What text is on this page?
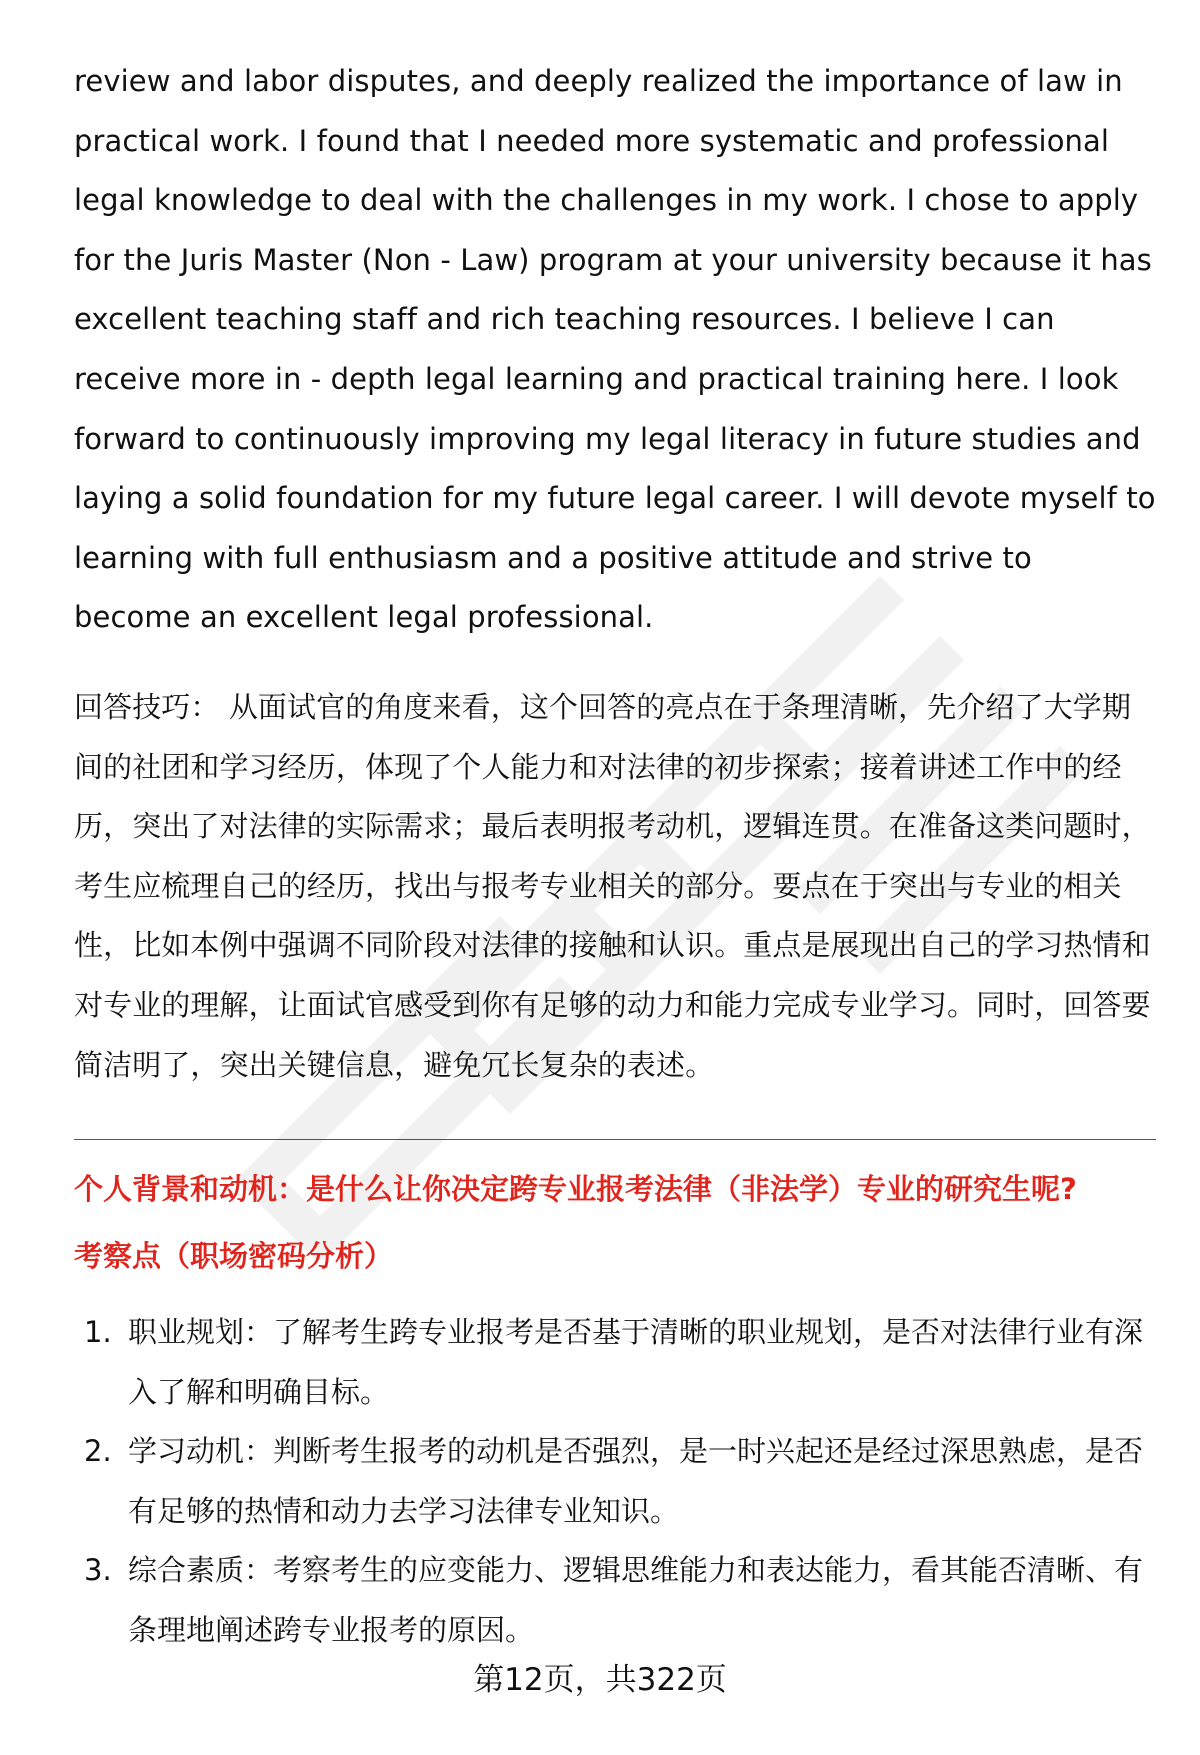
review and labor disputes, and deeply realized the importance of law in practical work. I found that I needed more systematic and professional legal knowledge to deal with the challenges in my work. I chose to apply for the Juris Master (Non - Law) program at your university because it has excellent teaching staff and rich teaching resources. I believe I can receive more in - depth legal learning and practical training here. I look forward to continuously improving my legal literacy in future studies and laying a solid foundation for my future legal career. I will devote myself to learning with full enthusiasm and a positive attitude and strive to become an excellent legal professional.

回答技巧： 从面试官的角度来看，这个回答的亮点在于条理清晰，先介绍了大学期间的社团和学习经历，体现了个人能力和对法律的初步探索；接着讲述工作中的经历，突出了对法律的实际需求；最后表明报考动机，逻辑连贯。在准备这类问题时，考生应梳理自己的经历，找出与报考专业相关的部分。要点在于突出与专业的相关性，比如本例中强调不同阶段对法律的接触和认识。重点是展现出自己的学习热情和对专业的理解，让面试官感受到你有足够的动力和能力完成专业学习。同时，回答要简洁明了，突出关键信息，避免冗长复杂的表述。

个人背景和动机：是什么让你决定跨专业报考法律（非法学）专业的研究生呢?

考察点（职场密码分析）

1. 职业规划：了解考生跨专业报考是否基于清晰的职业规划，是否对法律行业有深入了解和明确目标。
2. 学习动机：判断考生报考的动机是否强烈，是一时兴起还是经过深思熟虑，是否有足够的热情和动力去学习法律专业知识。
3. 综合素质：考察考生的应变能力、逻辑思维能力和表达能力，看其能否清晰、有条理地阐述跨专业报考的原因。
第12页，共322页
